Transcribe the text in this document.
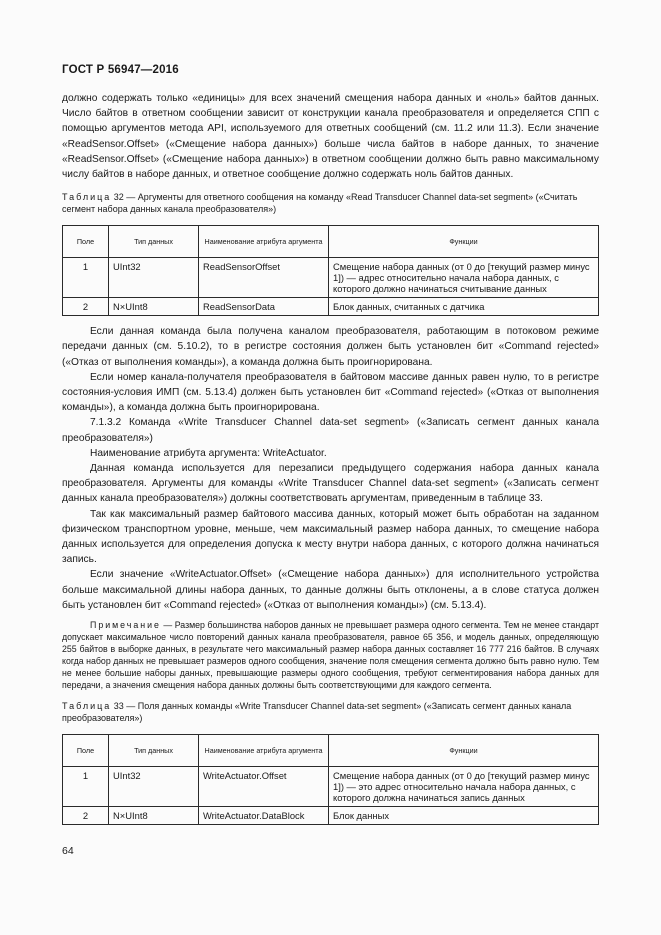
ГОСТ Р 56947—2016

должно содержать только «единицы» для всех значений смещения набора данных и «ноль» байтов данных. Число байтов в ответном сообщении зависит от конструкции канала преобразователя и определяется СПП с помощью аргументов метода API, используемого для ответных сообщений (см. 11.2 или 11.3). Если значение «ReadSensor.Offset» («Смещение набора данных») больше числа байтов в наборе данных, то значение «ReadSensor.Offset» («Смещение набора данных») в ответном сообщении должно быть равно максимальному числу байтов в наборе данных, и ответное сообщение должно содержать ноль байтов данных.

Таблица 32 — Аргументы для ответного сообщения на команду «Read Transducer Channel data-set segment» («Считать сегмент набора данных канала преобразователя»)

Поле	Тип данных	Наименование атрибута аргумента	Функции
1	UInt32	ReadSensorOffset	Смещение набора данных (от 0 до [текущий размер минус 1]) — адрес относительно начала набора данных, с которого должно начинаться считывание данных
2	N×UInt8	ReadSensorData	Блок данных, считанных с датчика

Если данная команда была получена каналом преобразователя, работающим в потоковом режиме передачи данных (см. 5.10.2), то в регистре состояния должен быть установлен бит «Command rejected» («Отказ от выполнения команды»), а команда должна быть проигнорирована.

Если номер канала-получателя преобразователя в байтовом массиве данных равен нулю, то в регистре состояния-условия ИМП (см. 5.13.4) должен быть установлен бит «Command rejected» («Отказ от выполнения команды»), а команда должна быть проигнорирована.

7.1.3.2 Команда «Write Transducer Channel data-set segment» («Записать сегмент данных канала преобразователя»)

Наименование атрибута аргумента: WriteActuator.

Данная команда используется для перезаписи предыдущего содержания набора данных канала преобразователя. Аргументы для команды «Write Transducer Channel data-set segment» («Записать сегмент данных канала преобразователя») должны соответствовать аргументам, приведенным в таблице 33.

Так как максимальный размер байтового массива данных, который может быть обработан на заданном физическом транспортном уровне, меньше, чем максимальный размер набора данных, то смещение набора данных используется для определения допуска к месту внутри набора данных, с которого должна начинаться запись.

Если значение «WriteActuator.Offset» («Смещение набора данных») для исполнительного устройства больше максимальной длины набора данных, то данные должны быть отклонены, а в слове статуса должен быть установлен бит «Command rejected» («Отказ от выполнения команды») (см. 5.13.4).

Примечание — Размер большинства наборов данных не превышает размера одного сегмента. Тем не менее стандарт допускает максимальное число повторений данных канала преобразователя, равное 65 356, и модель данных, определяющую 255 байтов в выборке данных, в результате чего максимальный размер набора данных составляет 16 777 216 байтов. В случаях когда набор данных не превышает размеров одного сообщения, значение поля смещения сегмента должно быть равно нулю. Тем не менее большие наборы данных, превышающие размеры одного сообщения, требуют сегментирования набора данных для передачи, а значения смещения набора данных должны быть соответствующими для каждого сегмента.

Таблица 33 — Поля данных команды «Write Transducer Channel data-set segment» («Записать сегмент данных канала преобразователя»)

Поле	Тип данных	Наименование атрибута аргумента	Функции
1	UInt32	WriteActuator.Offset	Смещение набора данных (от 0 до [текущий размер минус 1]) — это адрес относительно начала набора данных, с которого должна начинаться запись данных
2	N×UInt8	WriteActuator.DataBlock	Блок данных
64
